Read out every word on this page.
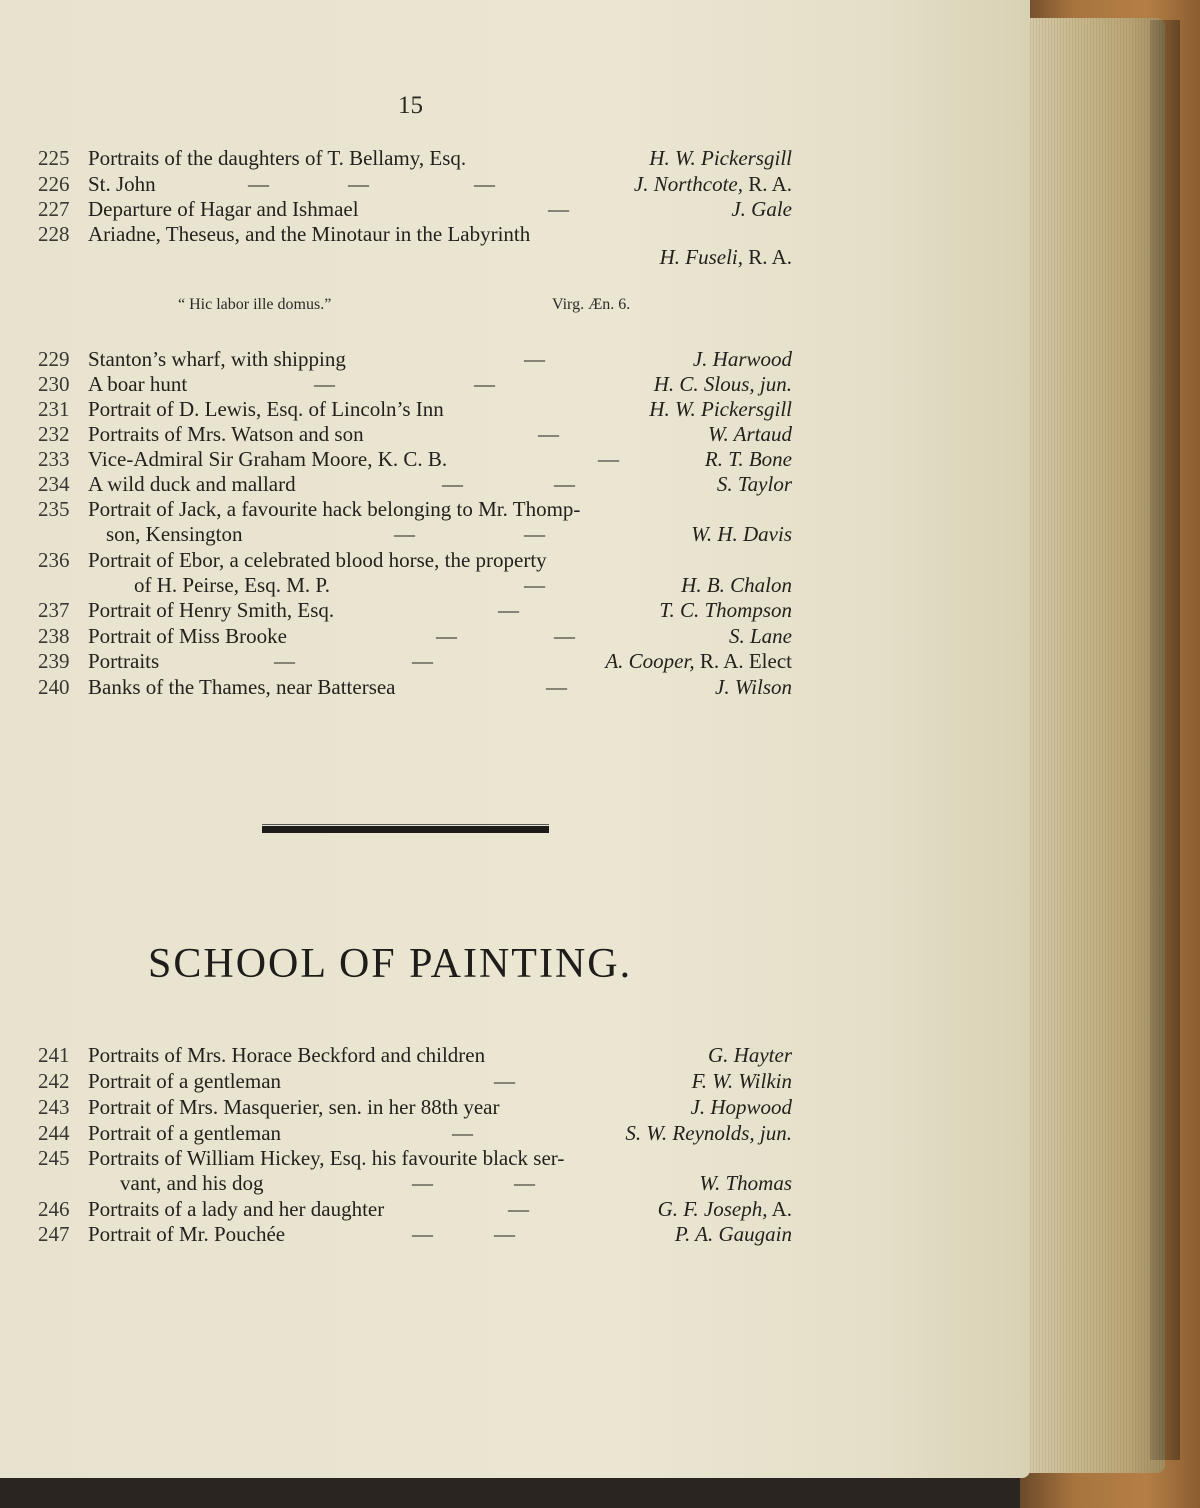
15
225 Portraits of the daughters of T. Bellamy, Esq.	H. W. Pickersgill
226 St. John	—	—	—	J. Northcote, R. A.
227 Departure of Hagar and Ishmael	—	J. Gale
228 Ariadne, Theseus, and the Minotaur in the Labyrinth
H. Fuseli, R. A.
“ Hic labor ille domus.”	Virg. Æn. 6.
229 Stanton’s wharf, with shipping	—	J. Harwood
230 A boar hunt	—	—	H. C. Slous, jun.
231 Portrait of D. Lewis, Esq. of Lincoln’s Inn	H. W. Pickersgill
232 Portraits of Mrs. Watson and son	—	W. Artaud
233 Vice-Admiral Sir Graham Moore, K. C. B.	—	R. T. Bone
234 A wild duck and mallard	—	—	S. Taylor
235 Portrait of Jack, a favourite hack belonging to Mr. Thomp-
son, Kensington	—	—	W. H. Davis
236 Portrait of Ebor, a celebrated blood horse, the property
of H. Peirse, Esq. M. P.	—	H. B. Chalon
237 Portrait of Henry Smith, Esq.	—	T. C. Thompson
238 Portrait of Miss Brooke	—	—	S. Lane
239 Portraits	—	—	A. Cooper, R. A. Elect
240 Banks of the Thames, near Battersea	—	J. Wilson
SCHOOL OF PAINTING.
241 Portraits of Mrs. Horace Beckford and children	G. Hayter
242 Portrait of a gentleman	—	F. W. Wilkin
243 Portrait of Mrs. Masquerier, sen. in her 88th year	J. Hopwood
244 Portrait of a gentleman	—	S. W. Reynolds, jun.
245 Portraits of William Hickey, Esq. his favourite black ser-
vant, and his dog	—	—	W. Thomas
246 Portraits of a lady and her daughter	—	G. F. Joseph, A.
247 Portrait of Mr. Pouchée	—	—	P. A. Gaugain
